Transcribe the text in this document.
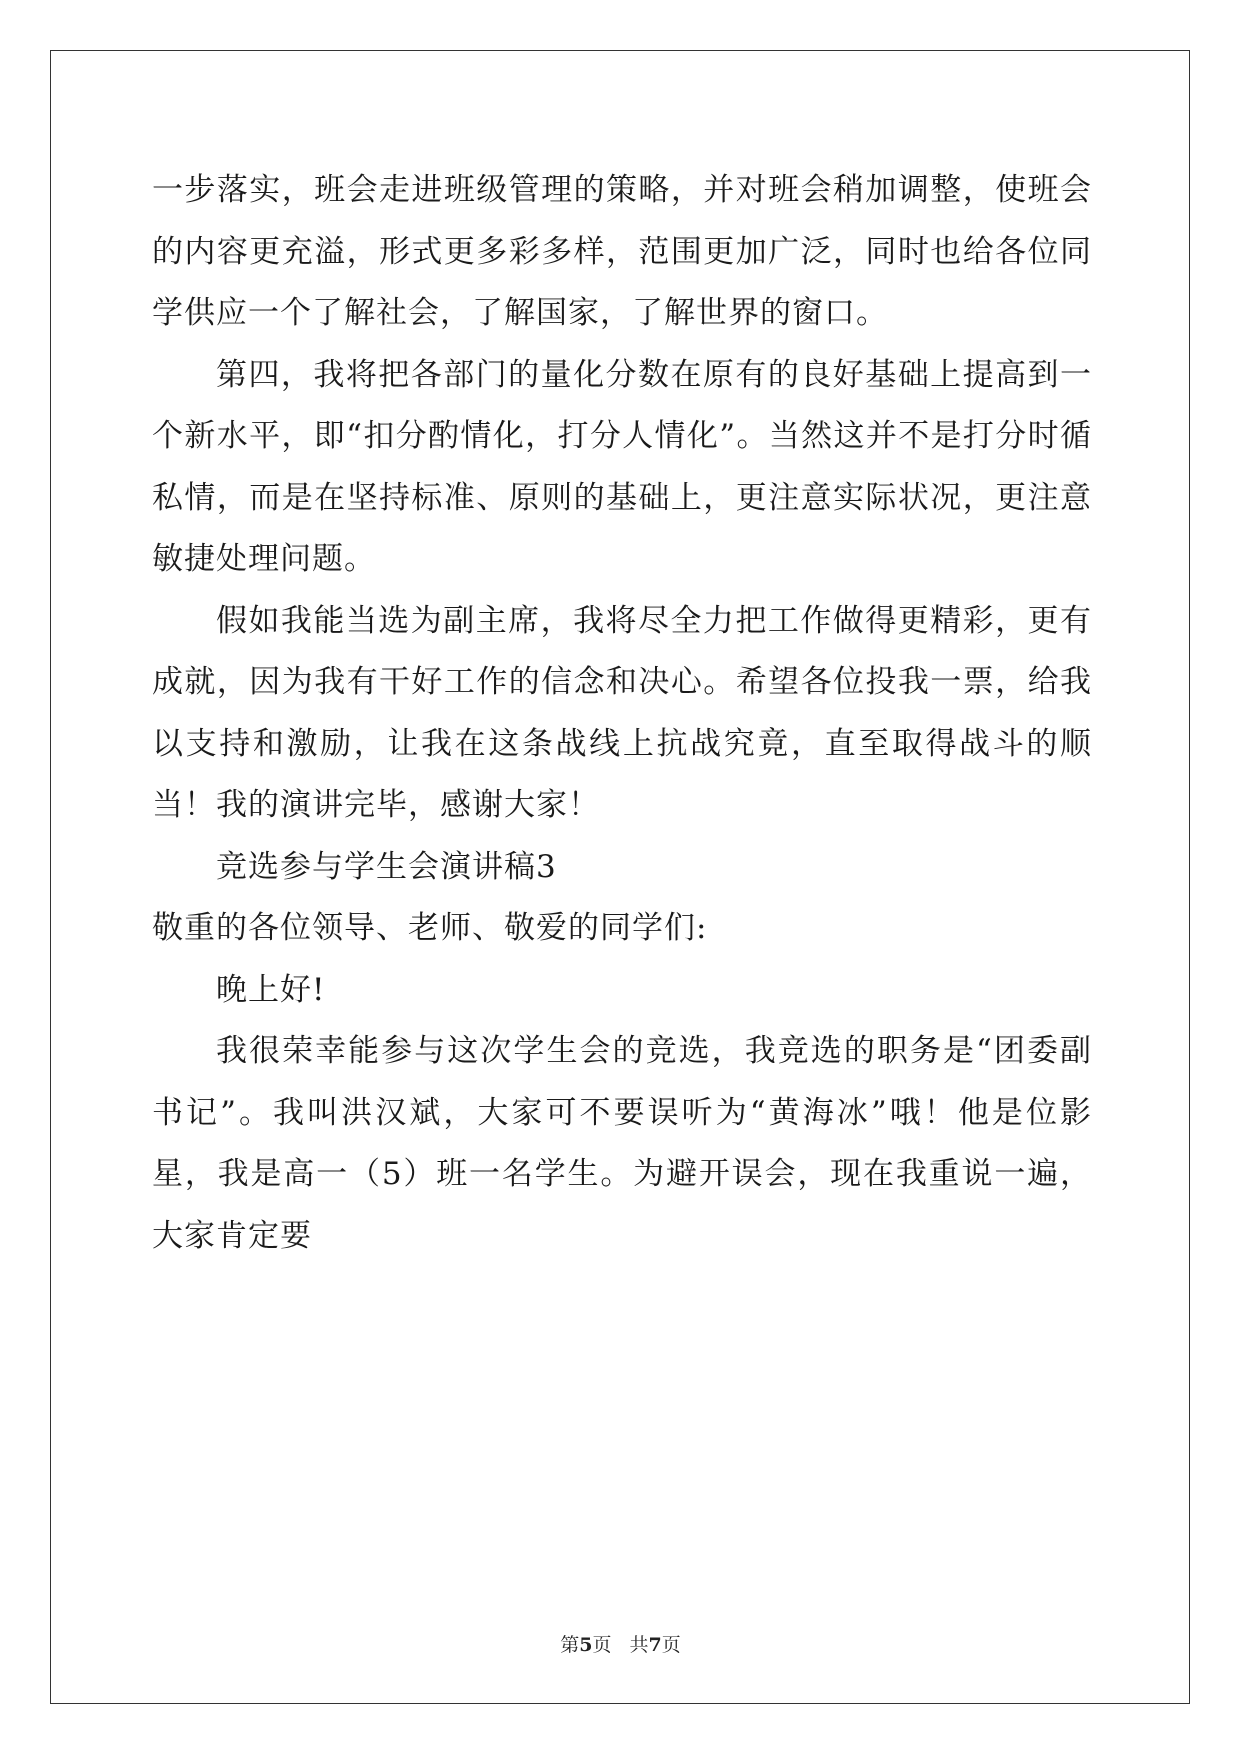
一步落实，班会走进班级管理的策略，并对班会稍加调整，使班会的内容更充溢，形式更多彩多样，范围更加广泛，同时也给各位同学供应一个了解社会，了解国家，了解世界的窗口。

第四，我将把各部门的量化分数在原有的良好基础上提高到一个新水平，即“扣分酌情化，打分人情化”。当然这并不是打分时循私情，而是在坚持标准、原则的基础上，更注意实际状况，更注意敏捷处理问题。

假如我能当选为副主席，我将尽全力把工作做得更精彩，更有成就，因为我有干好工作的信念和决心。希望各位投我一票，给我以支持和激励，让我在这条战线上抗战究竟，直至取得战斗的顺当！我的演讲完毕，感谢大家！

竞选参与学生会演讲稿3

敬重的各位领导、老师、敬爱的同学们:

晚上好!

我很荣幸能参与这次学生会的竞选，我竞选的职务是“团委副书记”。我叫洪汉斌，大家可不要误听为“黄海冰”哦！他是位影星，我是高一（5）班一名学生。为避开误会，现在我重说一遍，大家肯定要

第5页 共7页
